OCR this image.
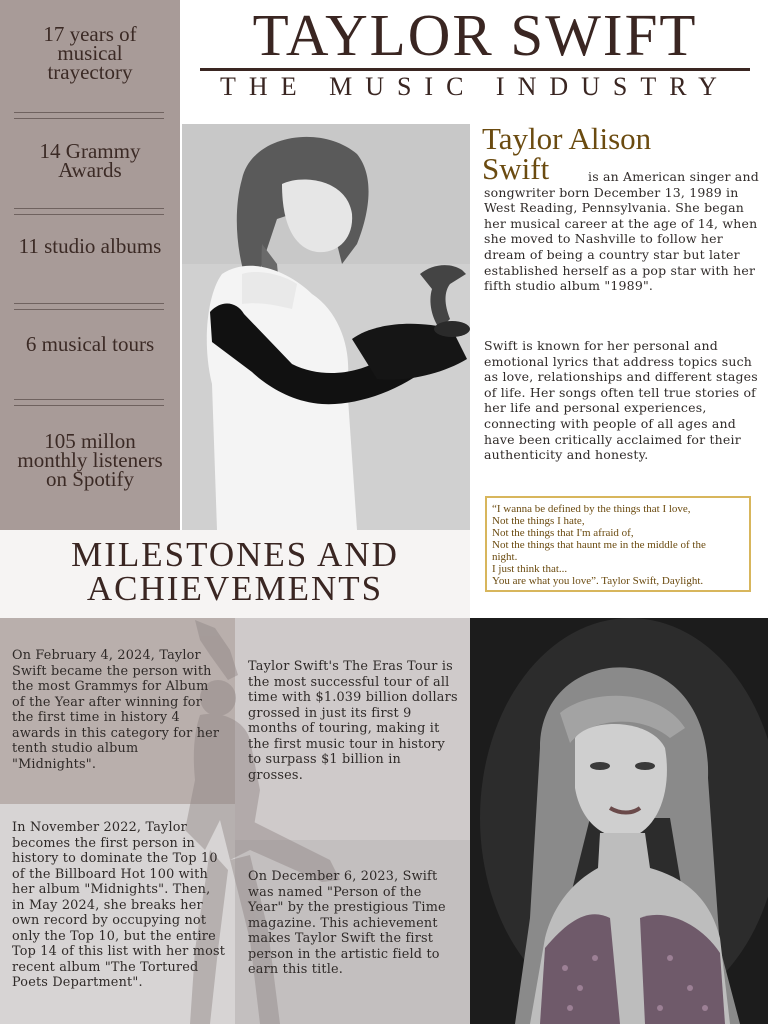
17 years of musical trayectory
14 Grammy Awards
11 studio albums
6 musical tours
105 millon monthly listeners on Spotify
TAYLOR SWIFT
THE MUSIC INDUSTRY
Taylor Alison
Swift	is an American singer and songwriter born December 13, 1989 in West Reading, Pennsylvania. She began her musical career at the age of 14, when she moved to Nashville to follow her dream of being a country star but later established herself as a pop star with her fifth studio album "1989".
Swift is known for her personal and emotional lyrics that address topics such as love, relationships and different stages of life. Her songs often tell true stories of her life and personal experiences, connecting with people of all ages and have been critically acclaimed for their authenticity and honesty.
“I wanna be defined by the things that I love,
Not the things I hate,
Not the things that I'm afraid of,
Not the things that haunt me in the middle of the
night.
I just think that...
You are what you love”. Taylor Swift, Daylight.
MILESTONES AND
ACHIEVEMENTS

On February 4, 2024, Taylor Swift became the person with the most Grammys for Album of the Year after winning for the first time in history 4 awards in this category for her tenth studio album "Midnights".

Taylor Swift's The Eras Tour is the most successful tour of all time with $1.039 billion dollars grossed in just its first 9 months of touring, making it the first music tour in history to surpass $1 billion in grosses.

In November 2022, Taylor becomes the first person in history to dominate the Top 10 of the Billboard Hot 100 with her album "Midnights". Then, in May 2024, she breaks her own record by occupying not only the Top 10, but the entire Top 14 of this list with her most recent album "The Tortured Poets Department".

On December 6, 2023, Swift was named "Person of the Year" by the prestigious Time magazine. This achievement makes Taylor Swift the first person in the artistic field to earn this title.
